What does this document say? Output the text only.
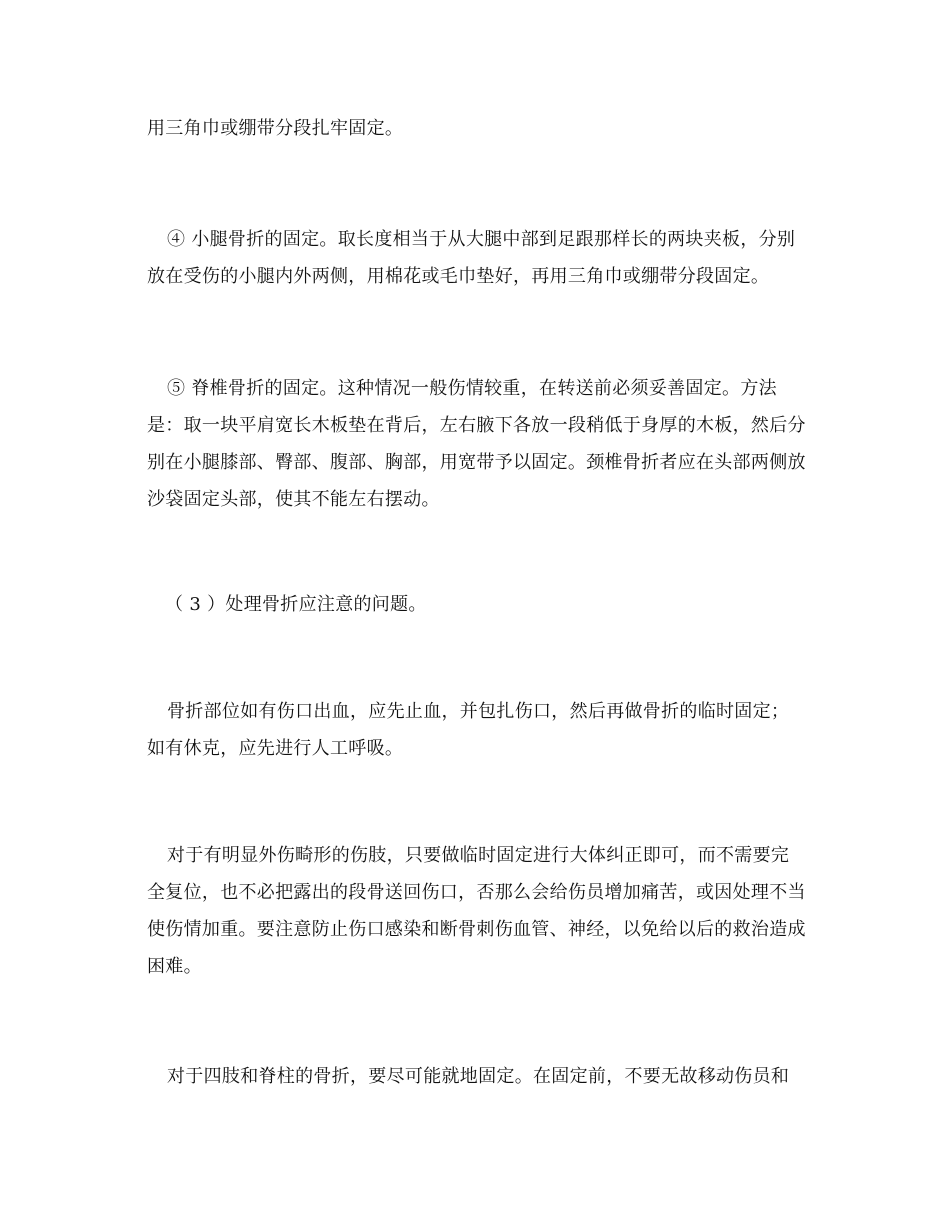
用三角巾或绷带分段扎牢固定。

④ 小腿骨折的固定。取长度相当于从大腿中部到足跟那样长的两块夹板，分别放在受伤的小腿内外两侧，用棉花或毛巾垫好，再用三角巾或绷带分段固定。

⑤ 脊椎骨折的固定。这种情况一般伤情较重，在转送前必须妥善固定。方法是：取一块平肩宽长木板垫在背后，左右腋下各放一段稍低于身厚的木板，然后分别在小腿膝部、臀部、腹部、胸部，用宽带予以固定。颈椎骨折者应在头部两侧放沙袋固定头部，使其不能左右摆动。

（ 3 ）处理骨折应注意的问题。

骨折部位如有伤口出血，应先止血，并包扎伤口，然后再做骨折的临时固定；如有休克，应先进行人工呼吸。

对于有明显外伤畸形的伤肢，只要做临时固定进行大体纠正即可，而不需要完全复位，也不必把露出的段骨送回伤口，否那么会给伤员增加痛苦，或因处理不当使伤情加重。要注意防止伤口感染和断骨刺伤血管、神经，以免给以后的救治造成困难。

对于四肢和脊柱的骨折，要尽可能就地固定。在固定前，不要无故移动伤员和
